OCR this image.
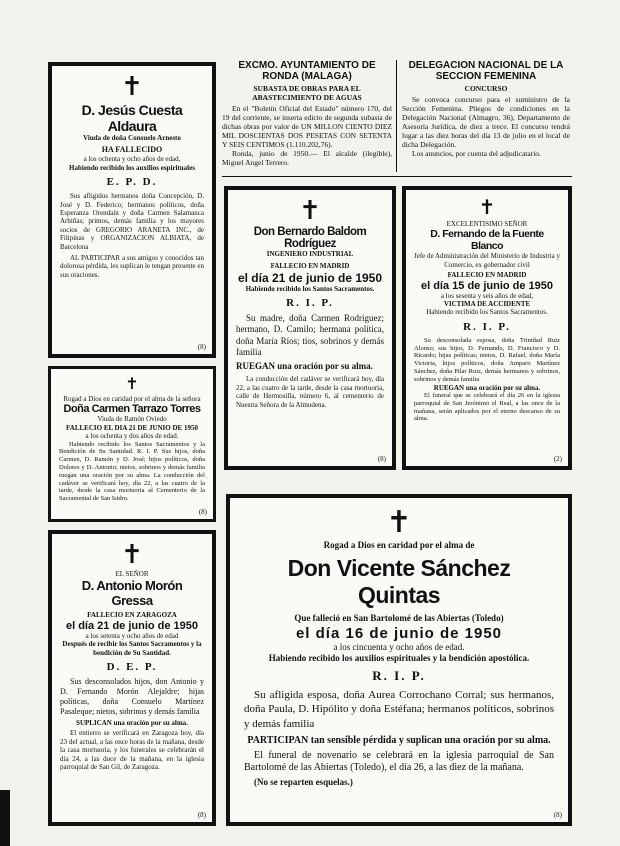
EXCMO. AYUNTAMIENTO DE RONDA (MALAGA)
SUBASTA DE OBRAS PARA EL ABASTECIMIENTO DE AGUAS
En el "Boletín Oficial del Estado" número 170, del 19 del corriente, se inserta edicto de segunda subasta de dichas obras por valor de UN MILLON CIENTO DIEZ MIL DOSCIENTAS DOS PESETAS CON SETENTA Y SEIS CENTIMOS (1.110.202,76).
Ronda, junio de 1950.— El alcalde (ilegible), Miguel Angel Terrero.
DELEGACION NACIONAL DE LA SECCION FEMENINA
CONCURSO
Se convoca concurso para el suministro de la Sección Femenina. Pliegos de condiciones en la Delegación Nacional (Almagro, 36), Departamento de Asesoría Jurídica, de diez a trece. El concurso tendrá lugar a las diez horas del día 13 de julio en el local de dicha Delegación.
Los anuncios, por cuenta del adjudicatario.
✝
D. Jesús Cuesta Aldaura
Viuda de doña Consuelo Arnesto
HA FALLECIDO
a los ochenta y ocho años de edad,
Habiendo recibido los auxilios espirituales
E. P. D.
Sus afligidos hermanos doña Concepción, D. José y D. Federico; hermanos políticos, doña Esperanza Orendaín y doña Carmen Salamanca Arbiñas; primos, demás familia y los mayores socios de GREGORIO ARANETA INC., de Filipinas y ORGANIZACION ALBIATA, de Barcelona
AL PARTICIPAR a sus amigos y conocidos tan dolorosa pérdida, les suplican le tengan presente en sus oraciones.
(8)
✝
Rogad a Dios en caridad por el alma de la señora
Doña Carmen Tarrazo Torres
Viuda de Ramón Oviedo
FALLECIO EL DIA 21 DE JUNIO DE 1950
a los ochenta y dos años de edad.
Habiendo recibido los Santos Sacramentos y la Bendición de Su Santidad. R. I. P. Sus hijos, doña Carmen, D. Ramón y D. José; hijos políticos, doña Dolores y D. Antonio; nietos, sobrinos y demás familia ruegan una oración por su alma. La conducción del cadáver se verificará hoy, día 22, a las cuatro de la tarde, desde la casa mortuoria al Cementerio de la Sacramental de San Isidro.
(8)
✝
EL SEÑOR
D. Antonio Morón Gressa
FALLECIO EN ZARAGOZA
el día 21 de junio de 1950
a los setenta y ocho años de edad
Después de recibir los Santos Sacramentos y la bendición de Su Santidad.
D. E. P.
Sus desconsolados hijos, don Antonio y D. Fernando Morón Alejaldre; hijas políticas, doña Consuelo Martínez Pasaleque; nietos, sobrinos y demás familia
SUPLICAN una oración por su alma.
El entierro se verificará en Zaragoza hoy, día 23 del actual, a las once horas de la mañana, desde la casa mortuoria, y los funerales se celebrarán el día 24, a las doce de la mañana, en la iglesia parroquial de San Gil, de Zaragoza.
(8)
✝
Don Bernardo Baldom Rodríguez
INGENIERO INDUSTRIAL
FALLECIO EN MADRID
el día 21 de junio de 1950
Habiendo recibido los Santos Sacramentos.
R. I. P.
Su madre, doña Carmen Rodríguez; hermano, D. Camilo; hermana política, doña María Ríos; tíos, sobrinos y demás familia
RUEGAN una oración por su alma.
La conducción del cadáver se verificará hoy, día 22, a las cuatro de la tarde, desde la casa mortuoria, calle de Hermosilla, número 6, al cementerio de Nuestra Señora de la Almudena.
(8)
✝
EXCELENTISIMO SEÑOR
D. Fernando de la Fuente Blanco
Jefe de Administración del Ministerio de Industria y Comercio, ex gobernador civil
FALLECIO EN MADRID
el día 15 de junio de 1950
a los sesenta y seis años de edad,
VICTIMA DE ACCIDENTE
Habiendo recibido los Santos Sacramentos.
R. I. P.
Su desconsolada esposa, doña Trinidad Ruiz Alonso; sus hijos, D. Fernando, D. Francisco y D. Ricardo; hijas políticas; nietos, D. Rafael, doña María Victoria, hijos políticos, doña Amparo Martínez Sánchez, doña Pilar Ruiz, demás hermanos y sobrinos, sobrinos y demás familia
RUEGAN una oración por su alma.
El funeral que se celebrará el día 26 en la iglesia parroquial de San Jerónimo el Real, a las once de la mañana, serán aplicados por el eterno descanso de su alma.
(2)
✝
Rogad a Dios en caridad por el alma de
Don Vicente Sánchez Quintas
Que falleció en San Bartolomé de las Abiertas (Toledo)
el día 16 de junio de 1950
a los cincuenta y ocho años de edad.
Habiendo recibido los auxilios espirituales y la bendición apostólica.
R. I. P.
Su afligida esposa, doña Aurea Corrochano Corral; sus hermanos, doña Paula, D. Hipólito y doña Estéfana; hermanos políticos, sobrinos y demás familia
PARTICIPAN tan sensible pérdida y suplican una oración por su alma.
El funeral de novenario se celebrará en la iglesia parroquial de San Bartolomé de las Abiertas (Toledo), el día 26, a las diez de la mañana.
(No se reparten esquelas.)
(8)
